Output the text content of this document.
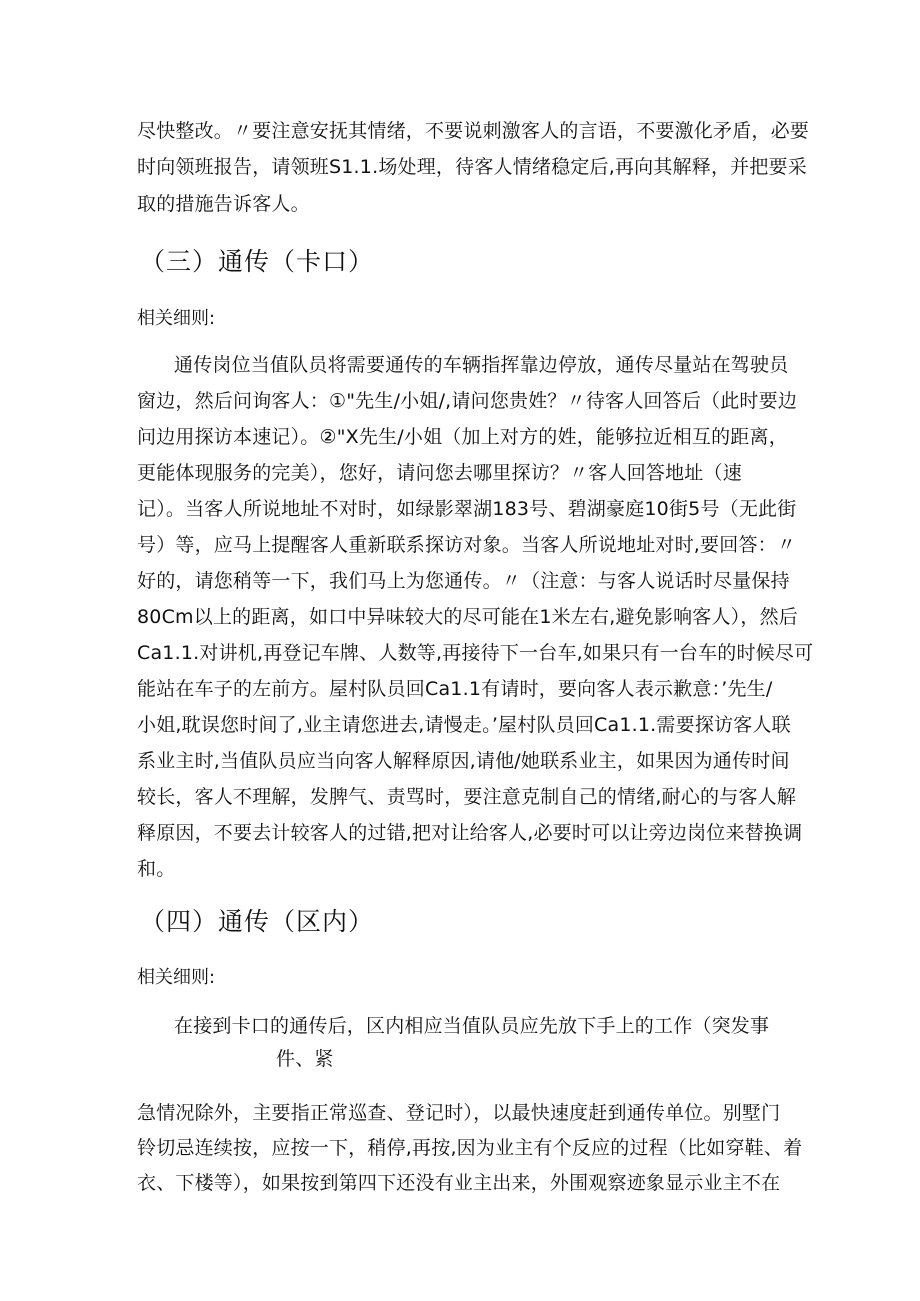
尽快整改。〃要注意安抚其情绪，不要说刺激客人的言语，不要激化矛盾，必要
时向领班报告，请领班S1.1.场处理，待客人情绪稳定后,再向其解释，并把要采
取的措施告诉客人。
（三）通传（卡口）
相关细则:
通传岗位当值队员将需要通传的车辆指挥靠边停放，通传尽量站在驾驶员
窗边，然后问询客人：①"先生/小姐/,请问您贵姓？〃待客人回答后（此时要边
问边用探访本速记）。②"X先生/小姐（加上对方的姓，能够拉近相互的距离，
更能体现服务的完美），您好，请问您去哪里探访？〃客人回答地址（速
记）。当客人所说地址不对时，如绿影翠湖183号、碧湖豪庭10街5号（无此街
号）等，应马上提醒客人重新联系探访对象。当客人所说地址对时,要回答：〃
好的，请您稍等一下，我们马上为您通传。〃（注意：与客人说话时尽量保持
80Cm以上的距离，如口中异味较大的尽可能在1米左右,避免影响客人），然后
Ca1.1.对讲机,再登记车牌、人数等,再接待下一台车,如果只有一台车的时候尽可
能站在车子的左前方。屋村队员回Ca1.1有请时，要向客人表示歉意：’先生/
小姐,耽误您时间了,业主请您进去,请慢走。’屋村队员回Ca1.1.需要探访客人联
系业主时,当值队员应当向客人解释原因,请他/她联系业主，如果因为通传时间
较长，客人不理解，发脾气、责骂时，要注意克制自己的情绪,耐心的与客人解
释原因，不要去计较客人的过错,把对让给客人,必要时可以让旁边岗位来替换调
和。
（四）通传（区内）
相关细则:
在接到卡口的通传后，区内相应当值队员应先放下手上的工作（突发事
件、紧
急情况除外，主要指正常巡查、登记时），以最快速度赶到通传单位。别墅门
铃切忌连续按，应按一下，稍停,再按,因为业主有个反应的过程（比如穿鞋、着
衣、下楼等），如果按到第四下还没有业主出来，外围观察迹象显示业主不在
